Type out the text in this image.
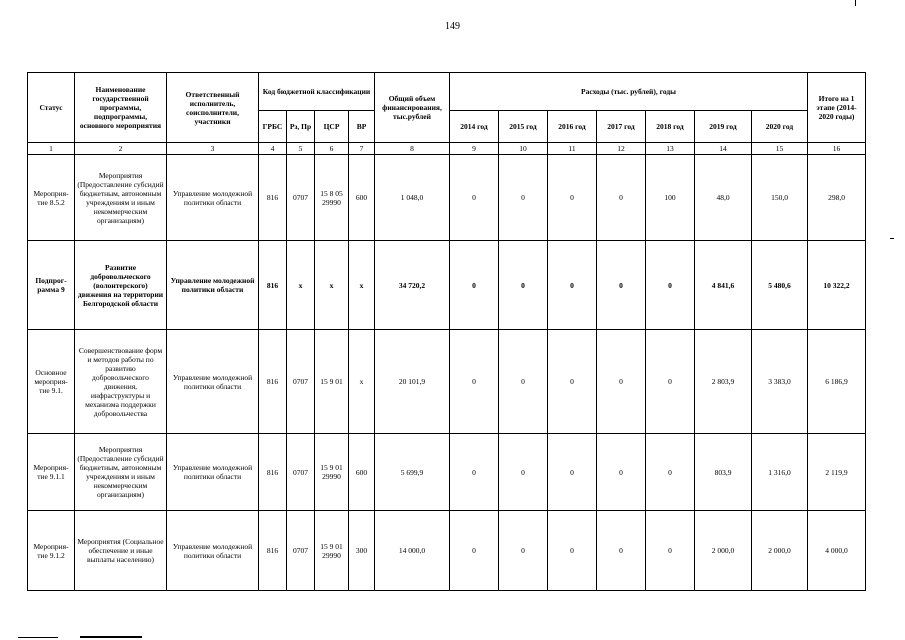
149
Статус	Наименование государственной программы, подпрограммы, основного мероприятия	Ответственный исполнитель, соисполнители, участники	Код бюджетной классификации				Общий объем финансирования, тыс.рублей	Расходы (тыс. рублей), годы							Итого на 1 этапе (2014-2020 годы)
			ГРБС	Рз, Пр	ЦСР	ВР		2014 год	2015 год	2016 год	2017 год	2018 год	2019 год	2020 год	
1	2	3	4	5	6	7	8	9	10	11	12	13	14	15	16
Мероприя-тие 8.5.2	Мероприятия (Предоставление субсидий бюджетным, автономным учреждениям и иным некоммерческим организациям)	Управление молодежной политики области	816	0707	15 8 05 29990	600	1 048,0	0	0	0	0	100	48,0	150,0	298,0
Подпрог-рамма 9	Развитие добровольческого (волонтерского) движения на территории Белгородской области	Управление молодежной политики области	816	х	х	х	34 720,2	0	0	0	0	0	4 841,6	5 480,6	10 322,2
Основное мероприя-тие 9.1.	Совершенствование форм и методов работы по развитию добровольческого движения, инфраструктуры и механизма поддержки добровольчества	Управление молодежной политики области	816	0707	15 9 01	х	20 101,9	0	0	0	0	0	2 803,9	3 383,0	6 186,9
Мероприя-тие 9.1.1	Мероприятия (Предоставление субсидий бюджетным, автономным учреждениям и иным некоммерческим организациям)	Управление молодежной политики области	816	0707	15 9 01 29990	600	5 699,9	0	0	0	0	0	803,9	1 316,0	2 119,9
Мероприя-тие 9.1.2	Мероприятия (Социальное обеспечение и иные выплаты населению)	Управление молодежной политики области	816	0707	15 9 01 29990	300	14 000,0	0	0	0	0	0	2 000,0	2 000,0	4 000,0
